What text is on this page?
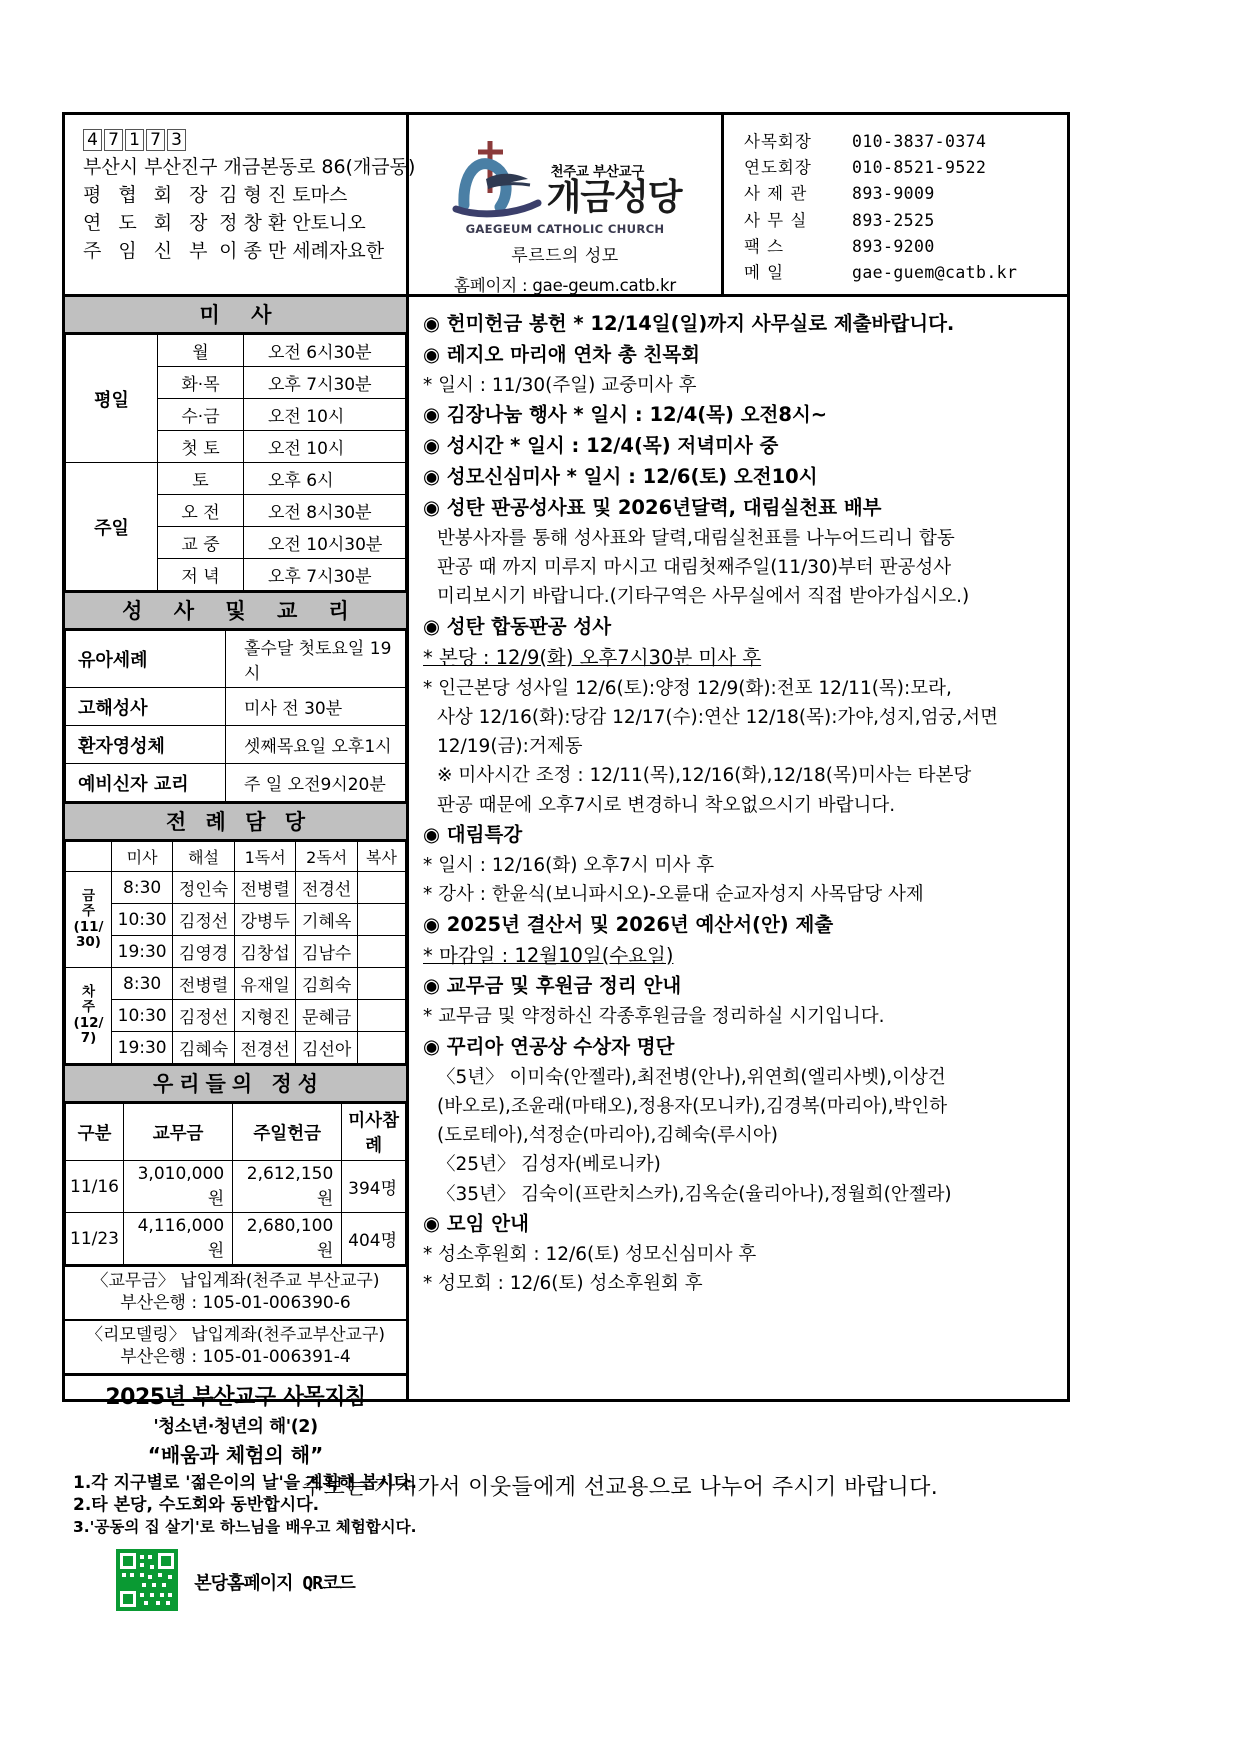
4 7 1 7 3
부산시 부산진구 개금본동로 86(개금동)
평 협 회 장 김 형 진 토마스
연 도 회 장 정 창 환 안토니오
주 임 신 부 이 종 만 세례자요한
천주교 부산교구
개금성당
GAEGEUM CATHOLIC CHURCH
루르드의 성모
홈페이지 : gae-geum.catb.kr
사목회장	010-3837-0374
연도회장	010-8521-9522
사 제 관	893-9009
사 무 실	893-2525
팩 스	893-9200
메 일	gae-guem@catb.kr
미 사
평일	월	오전 6시30분
	화·목	오후 7시30분
	수·금	오전 10시
	첫 토	오전 10시
주일	토	오후 6시
	오 전	오전 8시30분
	교 중	오전 10시30분
	저 녁	오후 7시30분
성 사 및 교 리
유아세례	홀수달 첫토요일 19시
고해성사	미사 전 30분
환자영성체	셋째목요일 오후1시
예비신자 교리	주 일 오전9시20분
전 례 담 당
	미사	해설	1독서	2독서	복사
금
주
(11/
30)	8:30	정인숙	전병렬	전경선	
	10:30	김정선	강병두	기혜옥	
	19:30	김영경	김창섭	김남수	
차
주
(12/
7)	8:30	전병렬	유재일	김희숙	
	10:30	김정선	지형진	문혜금	
	19:30	김혜숙	전경선	김선아	
우리들의 정성
구분	교무금	주일헌금	미사참례
11/16	3,010,000원	2,612,150원	394명
11/23	4,116,000원	2,680,100원	404명
〈교무금〉 납입계좌(천주교 부산교구)
부산은행 : 105-01-006390-6
〈리모델링〉 납입계좌(천주교부산교구)
부산은행 : 105-01-006391-4
2025년 부산교구 사목지침
'청소년·청년의 해'(2)
“배움과 체험의 해”
1.각 지구별로 '젊은이의 날'을 계획해 봅시다.
2.타 본당, 수도회와 동반합시다.
3.'공동의 집 살기'로 하느님을 배우고 체험합시다.
본당홈페이지 QR코드
◉ 헌미헌금 봉헌 * 12/14일(일)까지 사무실로 제출바랍니다.
◉ 레지오 마리애 연차 총 친목회
* 일시 : 11/30(주일) 교중미사 후
◉ 김장나눔 행사 * 일시 : 12/4(목) 오전8시~
◉ 성시간 * 일시 : 12/4(목) 저녁미사 중
◉ 성모신심미사 * 일시 : 12/6(토) 오전10시
◉ 성탄 판공성사표 및 2026년달력, 대림실천표 배부
반봉사자를 통해 성사표와 달력,대림실천표를 나누어드리니 합동
판공 때 까지 미루지 마시고 대림첫째주일(11/30)부터 판공성사
미리보시기 바랍니다.(기타구역은 사무실에서 직접 받아가십시오.)
◉ 성탄 합동판공 성사
* 본당 : 12/9(화) 오후7시30분 미사 후
* 인근본당 성사일 12/6(토):양정 12/9(화):전포 12/11(목):모라,
사상 12/16(화):당감 12/17(수):연산 12/18(목):가야,성지,엄궁,서면
12/19(금):거제동
※ 미사시간 조정 : 12/11(목),12/16(화),12/18(목)미사는 타본당
판공 때문에 오후7시로 변경하니 착오없으시기 바랍니다.
◉ 대림특강
* 일시 : 12/16(화) 오후7시 미사 후
* 강사 : 한윤식(보니파시오)-오륜대 순교자성지 사목담당 사제
◉ 2025년 결산서 및 2026년 예산서(안) 제출
* 마감일 : 12월10일(수요일)
◉ 교무금 및 후원금 정리 안내
* 교무금 및 약정하신 각종후원금을 정리하실 시기입니다.
◉ 꾸리아 연공상 수상자 명단
〈5년〉 이미숙(안젤라),최전병(안나),위연희(엘리사벳),이상건
(바오로),조윤래(마태오),정용자(모니카),김경복(마리아),박인하
(도로테아),석정순(마리아),김혜숙(루시아)
〈25년〉 김성자(베로니카)
〈35년〉 김숙이(프란치스카),김옥순(율리아나),정월희(안젤라)
◉ 모임 안내
* 성소후원회 : 12/6(토) 성모신심미사 후
* 성모회 : 12/6(토) 성소후원회 후
주보는 가져가서 이웃들에게 선교용으로 나누어 주시기 바랍니다.
